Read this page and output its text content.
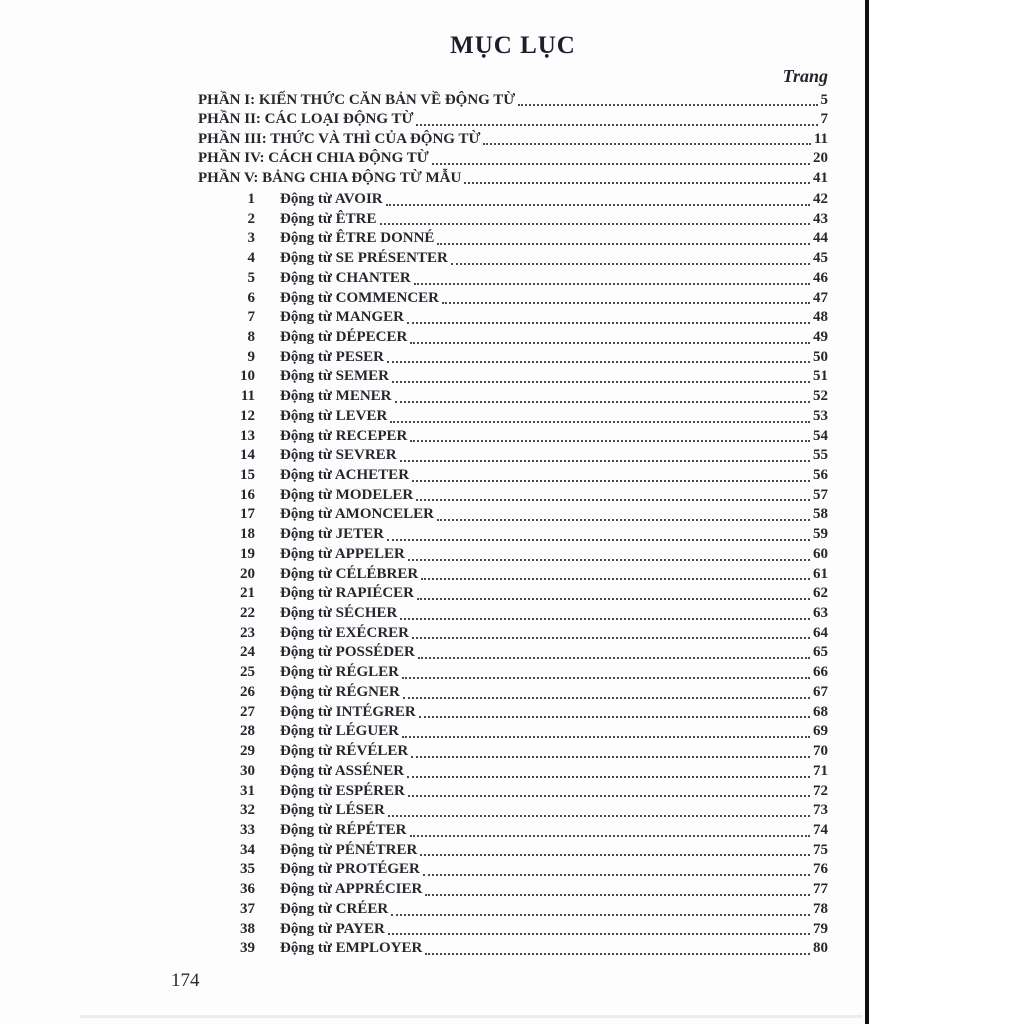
MỤC LỤC
Trang
PHẦN I: KIẾN THỨC CĂN BẢN VỀ ĐỘNG TỪ	5
PHẦN II: CÁC LOẠI ĐỘNG TỪ	7
PHẦN III: THỨC VÀ THÌ CỦA ĐỘNG TỪ	11
PHẦN IV: CÁCH CHIA ĐỘNG TỪ	20
PHẦN V: BẢNG CHIA ĐỘNG TỪ MẪU	41
1 Động từ AVOIR	42
2 Động từ ÊTRE	43
3 Động từ ÊTRE DONNÉ	44
4 Động từ SE PRÉSENTER	45
5 Động từ CHANTER	46
6 Động từ COMMENCER	47
7 Động từ MANGER	48
8 Động từ DÉPECER	49
9 Động từ PESER	50
10 Động từ SEMER	51
11 Động từ MENER	52
12 Động từ LEVER	53
13 Động từ RECEPER	54
14 Động từ SEVRER	55
15 Động từ ACHETER	56
16 Động từ MODELER	57
17 Động từ AMONCELER	58
18 Động từ JETER	59
19 Động từ APPELER	60
20 Động từ CÉLÉBRER	61
21 Động từ RAPIÉCER	62
22 Động từ SÉCHER	63
23 Động từ EXÉCRER	64
24 Động từ POSSÉDER	65
25 Động từ RÉGLER	66
26 Động từ RÉGNER	67
27 Động từ INTÉGRER	68
28 Động từ LÉGUER	69
29 Động từ RÉVÉLER	70
30 Động từ ASSÉNER	71
31 Động từ ESPÉRER	72
32 Động từ LÉSER	73
33 Động từ RÉPÉTER	74
34 Động từ PÉNÉTRER	75
35 Động từ PROTÉGER	76
36 Động từ APPRÉCIER	77
37 Động từ CRÉER	78
38 Động từ PAYER	79
39 Động từ EMPLOYER	80
174
